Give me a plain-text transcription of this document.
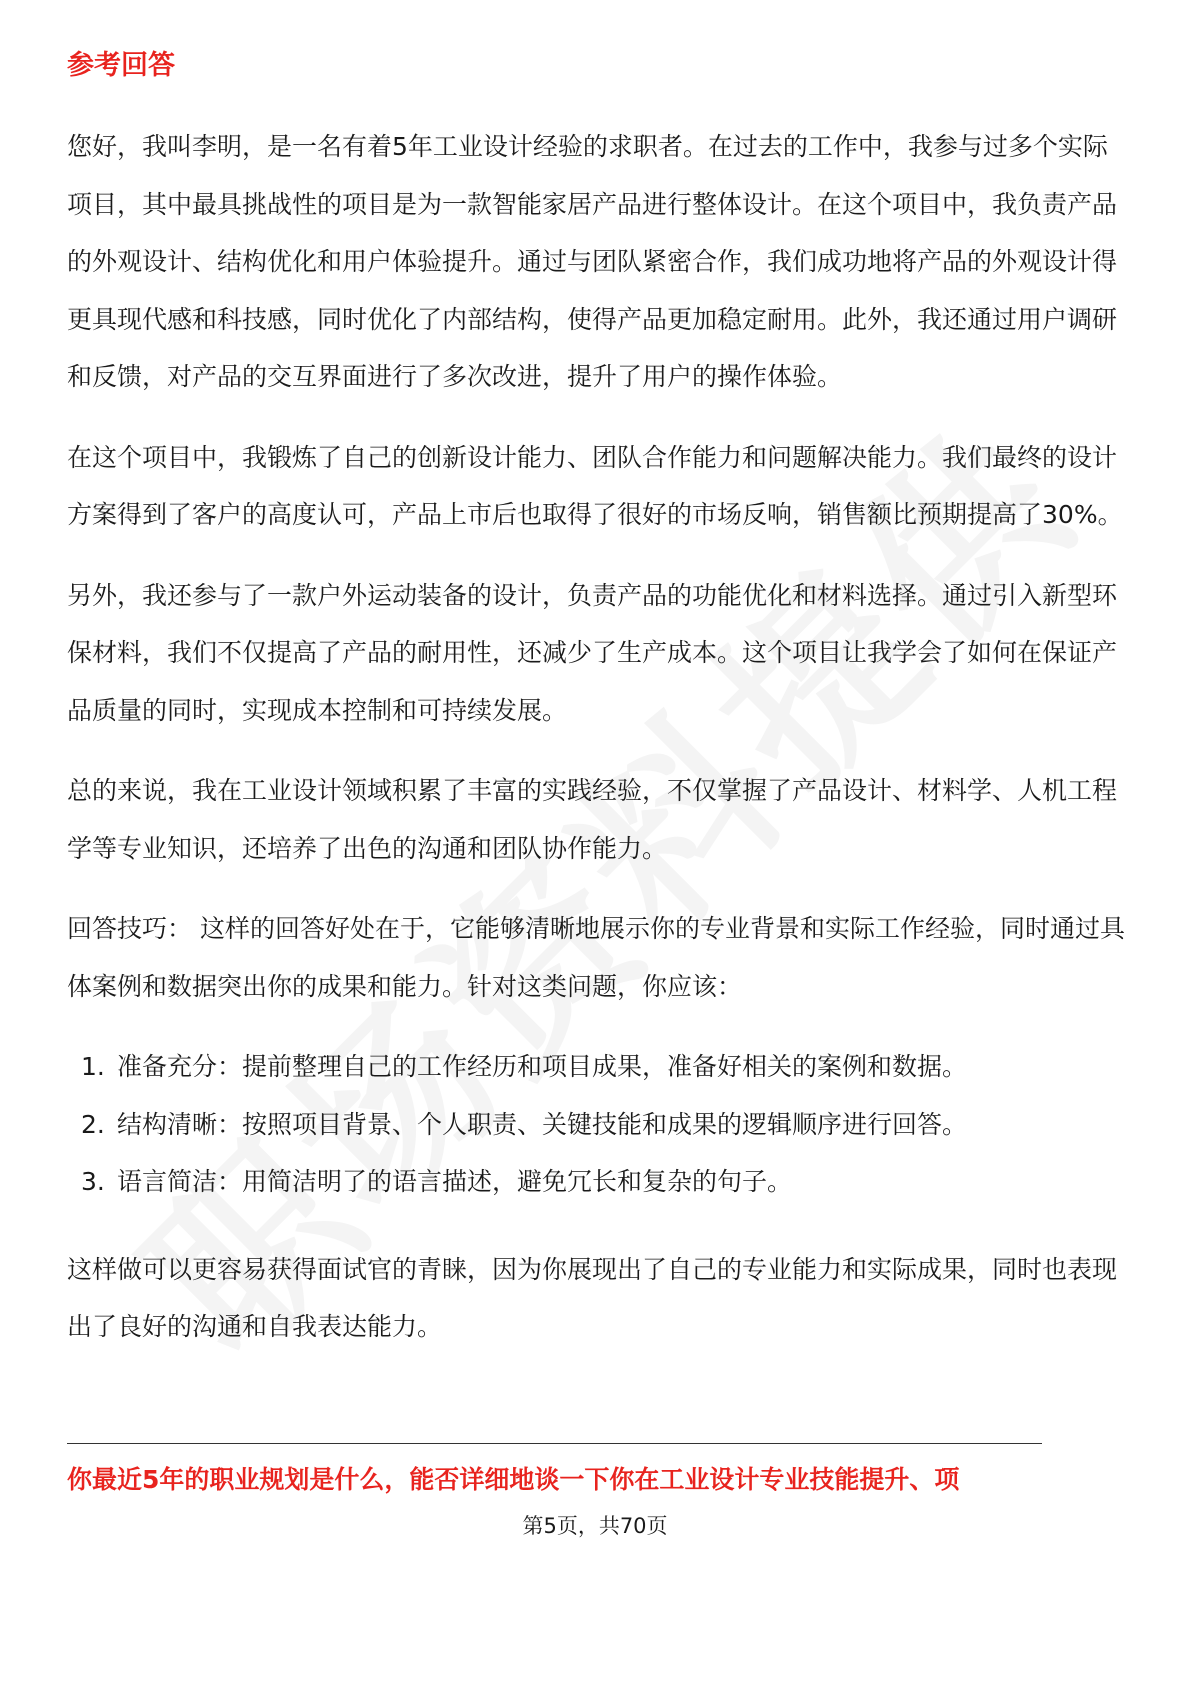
参考回答

您好，我叫李明，是一名有着5年工业设计经验的求职者。在过去的工作中，我参与过多个实际项目，其中最具挑战性的项目是为一款智能家居产品进行整体设计。在这个项目中，我负责产品的外观设计、结构优化和用户体验提升。通过与团队紧密合作，我们成功地将产品的外观设计得更具现代感和科技感，同时优化了内部结构，使得产品更加稳定耐用。此外，我还通过用户调研和反馈，对产品的交互界面进行了多次改进，提升了用户的操作体验。

在这个项目中，我锻炼了自己的创新设计能力、团队合作能力和问题解决能力。我们最终的设计方案得到了客户的高度认可，产品上市后也取得了很好的市场反响，销售额比预期提高了30%。

另外，我还参与了一款户外运动装备的设计，负责产品的功能优化和材料选择。通过引入新型环保材料，我们不仅提高了产品的耐用性，还减少了生产成本。这个项目让我学会了如何在保证产品质量的同时，实现成本控制和可持续发展。

总的来说，我在工业设计领域积累了丰富的实践经验，不仅掌握了产品设计、材料学、人机工程学等专业知识，还培养了出色的沟通和团队协作能力。

回答技巧： 这样的回答好处在于，它能够清晰地展示你的专业背景和实际工作经验，同时通过具体案例和数据突出你的成果和能力。针对这类问题，你应该：

1. 准备充分：提前整理自己的工作经历和项目成果，准备好相关的案例和数据。
2. 结构清晰：按照项目背景、个人职责、关键技能和成果的逻辑顺序进行回答。
3. 语言简洁：用简洁明了的语言描述，避免冗长和复杂的句子。

这样做可以更容易获得面试官的青睐，因为你展现出了自己的专业能力和实际成果，同时也表现出了良好的沟通和自我表达能力。

你最近5年的职业规划是什么，能否详细地谈一下你在工业设计专业技能提升、项
第5页，共70页
